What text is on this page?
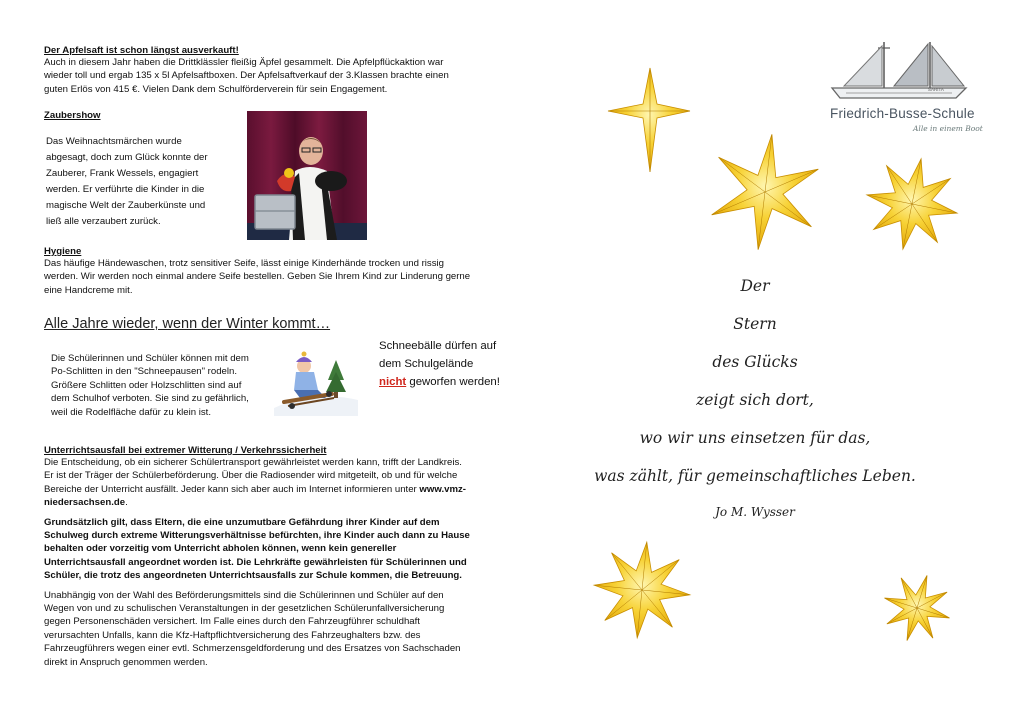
Der Apfelsaft ist schon längst ausverkauft!

Auch in diesem Jahr haben die Drittklässler fleißig Äpfel gesammelt. Die Apfelpflückaktion war

wieder toll und ergab 135 x 5l Apfelsaftboxen. Der Apfelsaftverkauf der 3.Klassen brachte einen

guten Erlös von 415 €. Vielen Dank dem Schulförderverein für sein Engagement.

Zaubershow

Das Weihnachtsmärchen wurde

abgesagt, doch zum Glück konnte der

Zauberer, Frank Wessels, engagiert

werden. Er verführte die Kinder in die

magische Welt der Zauberkünste und

ließ alle verzaubert zurück.

Hygiene

Das häufige Händewaschen, trotz sensitiver Seife, lässt einige Kinderhände trocken und rissig

werden. Wir werden noch einmal andere Seife bestellen. Geben Sie Ihrem Kind zur Linderung gerne

eine Handcreme mit.

Alle Jahre wieder, wenn der Winter kommt…

Die Schülerinnen und Schüler können mit dem

Po-Schlitten in den "Schneepausen" rodeln.

Größere Schlitten oder Holzschlitten sind auf

dem Schulhof verboten. Sie sind zu gefährlich,

weil die Rodelfläche dafür zu klein ist.

Schneebälle dürfen auf
dem Schulgelände
nicht geworfen werden!

Unterrichtsausfall bei extremer Witterung / Verkehrssicherheit

Die Entscheidung, ob ein sicherer Schülertransport gewährleistet werden kann, trifft der Landkreis.

Er ist der Träger der Schülerbeförderung. Über die Radiosender wird mitgeteilt, ob und für welche

Bereiche der Unterricht ausfällt. Jeder kann sich aber auch im Internet informieren unter www.vmz-

niedersachsen.de.

Grundsätzlich gilt, dass Eltern, die eine unzumutbare Gefährdung ihrer Kinder auf dem

Schulweg durch extreme Witterungsverhältnisse befürchten, ihre Kinder auch dann zu Hause

behalten oder vorzeitig vom Unterricht abholen können, wenn kein genereller

Unterrichtsausfall angeordnet worden ist. Die Lehrkräfte gewährleisten für Schülerinnen und

Schüler, die trotz des angeordneten Unterrichtsausfalls zur Schule kommen, die Betreuung.

Unabhängig von der Wahl des Beförderungsmittels sind die Schülerinnen und Schüler auf den

Wegen von und zu schulischen Veranstaltungen in der gesetzlichen Schülerunfallversicherung

gegen Personenschäden versichert. Im Falle eines durch den Fahrzeugführer schuldhaft

verursachten Unfalls, kann die Kfz-Haftpflichtversicherung des Fahrzeughalters bzw. des

Fahrzeugführers wegen einer evtl. Schmerzensgeldforderung und des Ersatzes von Sachschaden

direkt in Anspruch genommen werden.

SARITA
Friedrich-Busse-Schule
Alle in einem Boot
Der
Stern
des Glücks
zeigt sich dort,
wo wir uns einsetzen für das,
was zählt, für gemeinschaftliches Leben.
Jo M. Wysser
